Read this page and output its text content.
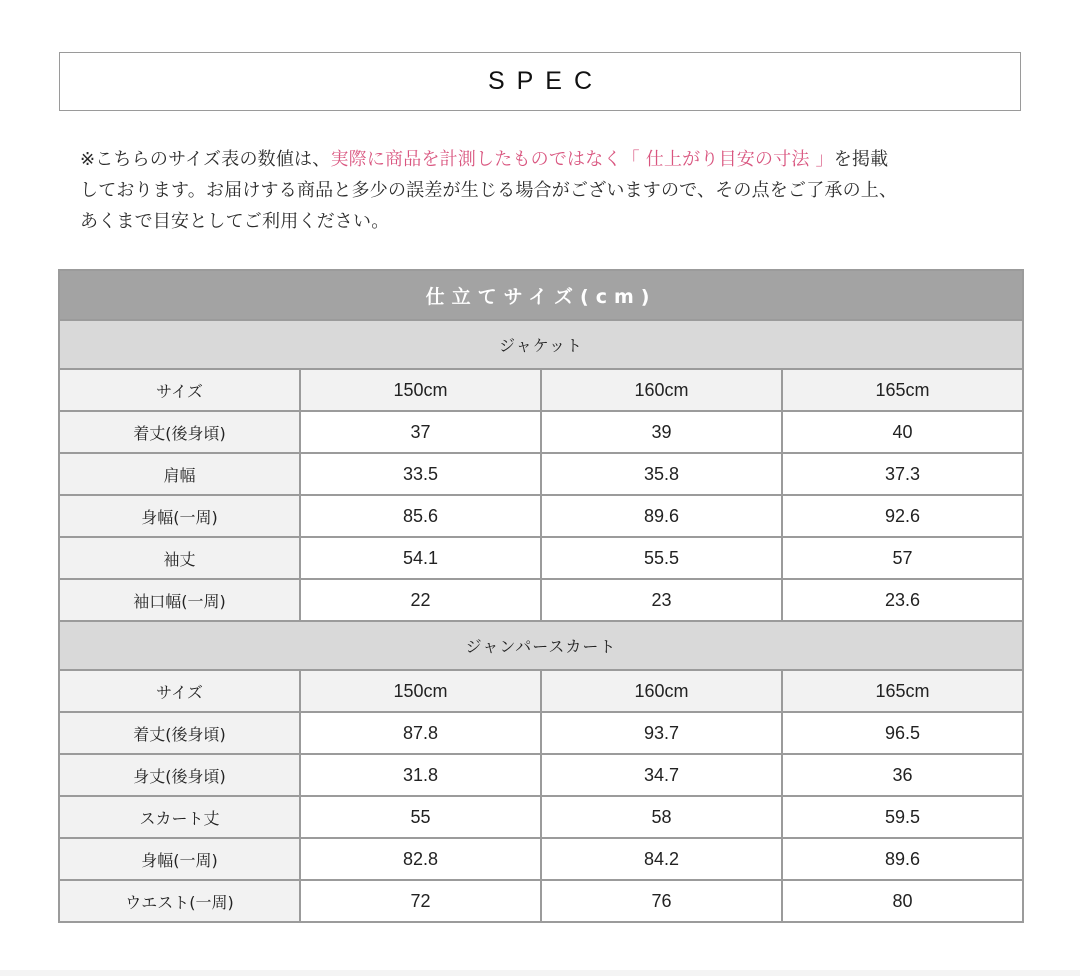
SPEC
※こちらのサイズ表の数値は、実際に商品を計測したものではなく「 仕上がり目安の寸法 」を掲載
しております。お届けする商品と多少の誤差が生じる場合がございますので、その点をご了承の上、
あくまで目安としてご利用ください。
仕立てサイズ(cm)			
ジャケット			
サイズ	150cm	160cm	165cm
着丈(後身頃)	37	39	40
肩幅	33.5	35.8	37.3
身幅(一周)	85.6	89.6	92.6
袖丈	54.1	55.5	57
袖口幅(一周)	22	23	23.6
ジャンパースカート			
サイズ	150cm	160cm	165cm
着丈(後身頃)	87.8	93.7	96.5
身丈(後身頃)	31.8	34.7	36
スカート丈	55	58	59.5
身幅(一周)	82.8	84.2	89.6
ウエスト(一周)	72	76	80
